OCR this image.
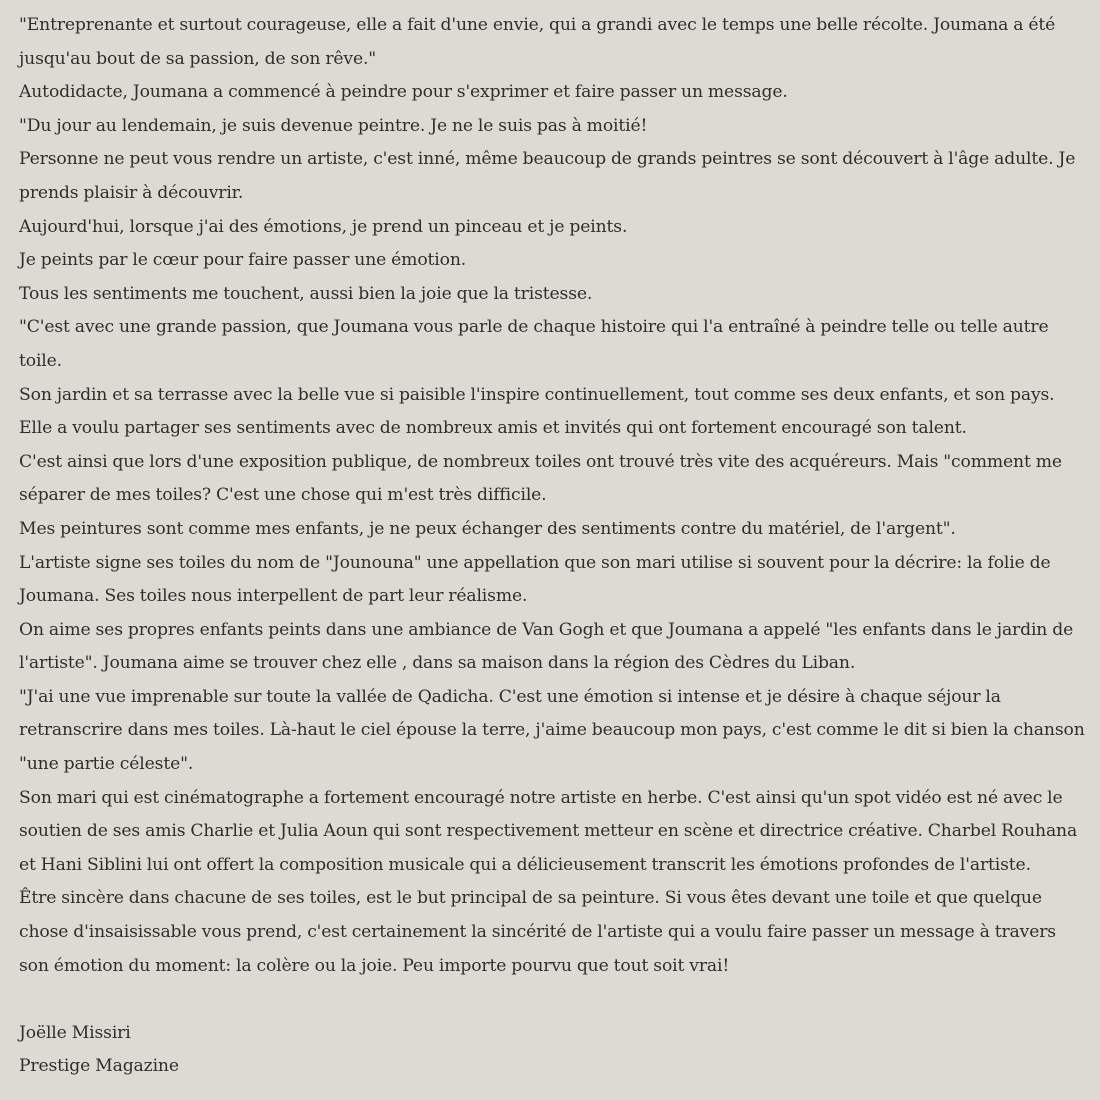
"Entreprenante et surtout courageuse, elle a fait d'une envie, qui a grandi avec le temps une belle récolte. Joumana a été jusqu'au bout de sa passion, de son rêve."

Autodidacte, Joumana a commencé à peindre pour s'exprimer et faire passer un message.

"Du jour au lendemain, je suis devenue peintre. Je ne le suis pas à moitié!

Personne ne peut vous rendre un artiste, c'est inné, même beaucoup de grands peintres se sont découvert à l'âge adulte. Je prends plaisir à découvrir.

Aujourd'hui, lorsque j'ai des émotions, je prend un pinceau et je peints.

Je peints par le cœur pour faire passer une émotion.

Tous les sentiments me touchent, aussi bien la joie que la tristesse.

"C'est avec une grande passion, que Joumana vous parle de chaque histoire qui l'a entraîné à peindre telle ou telle autre toile.

Son jardin et sa terrasse avec la belle vue si paisible l'inspire continuellement, tout comme ses deux enfants, et son pays.

Elle a voulu partager ses sentiments avec de nombreux amis et invités qui ont fortement encouragé son talent.

C'est ainsi que lors d'une exposition publique, de nombreux toiles ont trouvé très vite des acquéreurs. Mais "comment me séparer de mes toiles? C'est une chose qui m'est très difficile.

Mes peintures sont comme mes enfants, je ne peux échanger des sentiments contre du matériel, de l'argent".

L'artiste signe ses toiles du nom de "Jounouna" une appellation que son mari utilise si souvent pour la décrire: la folie de Joumana. Ses toiles nous interpellent de part leur réalisme.

On aime ses propres enfants peints dans une ambiance de Van Gogh et que Joumana a appelé "les enfants dans le jardin de l'artiste". Joumana aime se trouver chez elle , dans sa maison dans la région des Cèdres du Liban.

"J'ai une vue imprenable sur toute la vallée de Qadicha. C'est une émotion si intense et je désire à chaque séjour la retranscrire dans mes toiles. Là-haut le ciel épouse la terre, j'aime beaucoup mon pays, c'est comme le dit si bien la chanson "une partie céleste".

Son mari qui est cinématographe a fortement encouragé notre artiste en herbe. C'est ainsi qu'un spot vidéo est né avec le soutien de ses amis Charlie et Julia Aoun qui sont respectivement metteur en scène et directrice créative. Charbel Rouhana et Hani Siblini lui ont offert la composition musicale qui a délicieusement transcrit les émotions profondes de l'artiste.

Être sincère dans chacune de ses toiles, est le but principal de sa peinture. Si vous êtes devant une toile et que quelque chose d'insaisissable vous prend, c'est certainement la sincérité de l'artiste qui a voulu faire passer un message à travers son émotion du moment: la colère ou la joie. Peu importe pourvu que tout soit vrai!

Joëlle Missiri

Prestige Magazine
